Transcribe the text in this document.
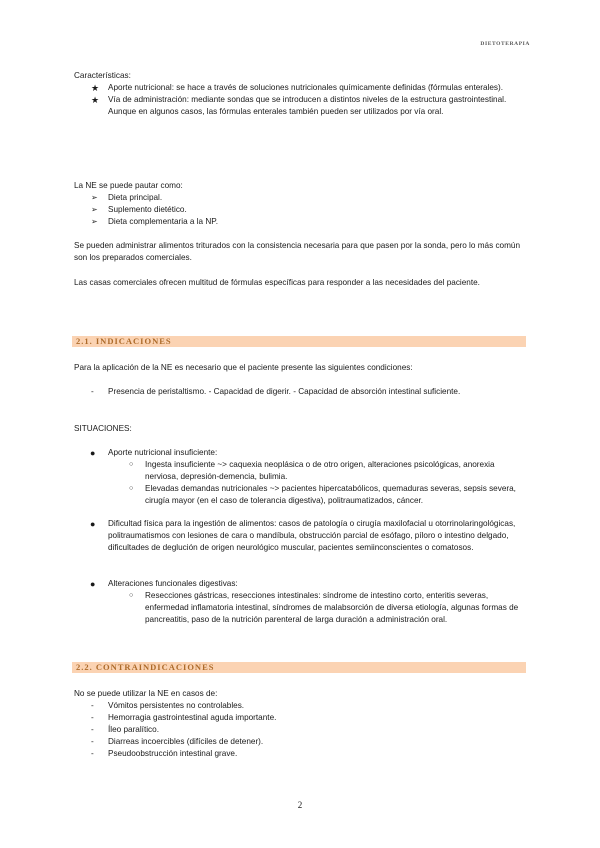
DIETOTERAPIA
Características:
★	Aporte nutricional: se hace a través de soluciones nutricionales químicamente definidas (fórmulas enterales).
★	Vía de administración: mediante sondas que se introducen a distintos niveles de la estructura gastrointestinal. Aunque en algunos casos, las fórmulas enterales también pueden ser utilizados por vía oral.
La NE se puede pautar como:
➢	Dieta principal.
➢	Suplemento dietético.
➢	Dieta complementaria a la NP.
Se pueden administrar alimentos triturados con la consistencia necesaria para que pasen por la sonda, pero lo más común son los preparados comerciales.
Las casas comerciales ofrecen multitud de fórmulas específicas para responder a las necesidades del paciente.
2.1. INDICACIONES
Para la aplicación de la NE es necesario que el paciente presente las siguientes condiciones:
-	Presencia de peristaltismo. - Capacidad de digerir. - Capacidad de absorción intestinal suficiente.
SITUACIONES:
●	Aporte nutricional insuficiente:
○	Ingesta insuficiente ~> caquexia neoplásica o de otro origen, alteraciones psicológicas, anorexia nerviosa, depresión-demencia, bulimia.
○	Elevadas demandas nutricionales ~> pacientes hipercatabólicos, quemaduras severas, sepsis severa, cirugía mayor (en el caso de tolerancia digestiva), politraumatizados, cáncer.
●	Dificultad física para la ingestión de alimentos: casos de patología o cirugía maxilofacial u otorrinolaringológicas, politraumatismos con lesiones de cara o mandíbula, obstrucción parcial de esófago, píloro o intestino delgado, dificultades de deglución de origen neurológico muscular, pacientes semiinconscientes o comatosos.
●	Alteraciones funcionales digestivas:
○	Resecciones gástricas, resecciones intestinales: síndrome de intestino corto, enteritis severas, enfermedad inflamatoria intestinal, síndromes de malabsorción de diversa etiología, algunas formas de pancreatitis, paso de la nutrición parenteral de larga duración a administración oral.
2.2. CONTRAINDICACIONES
No se puede utilizar la NE en casos de:
-	Vómitos persistentes no controlables.
-	Hemorragia gastrointestinal aguda importante.
-	Íleo paralítico.
-	Diarreas incoercibles (difíciles de detener).
-	Pseudoobstrucción intestinal grave.
2
